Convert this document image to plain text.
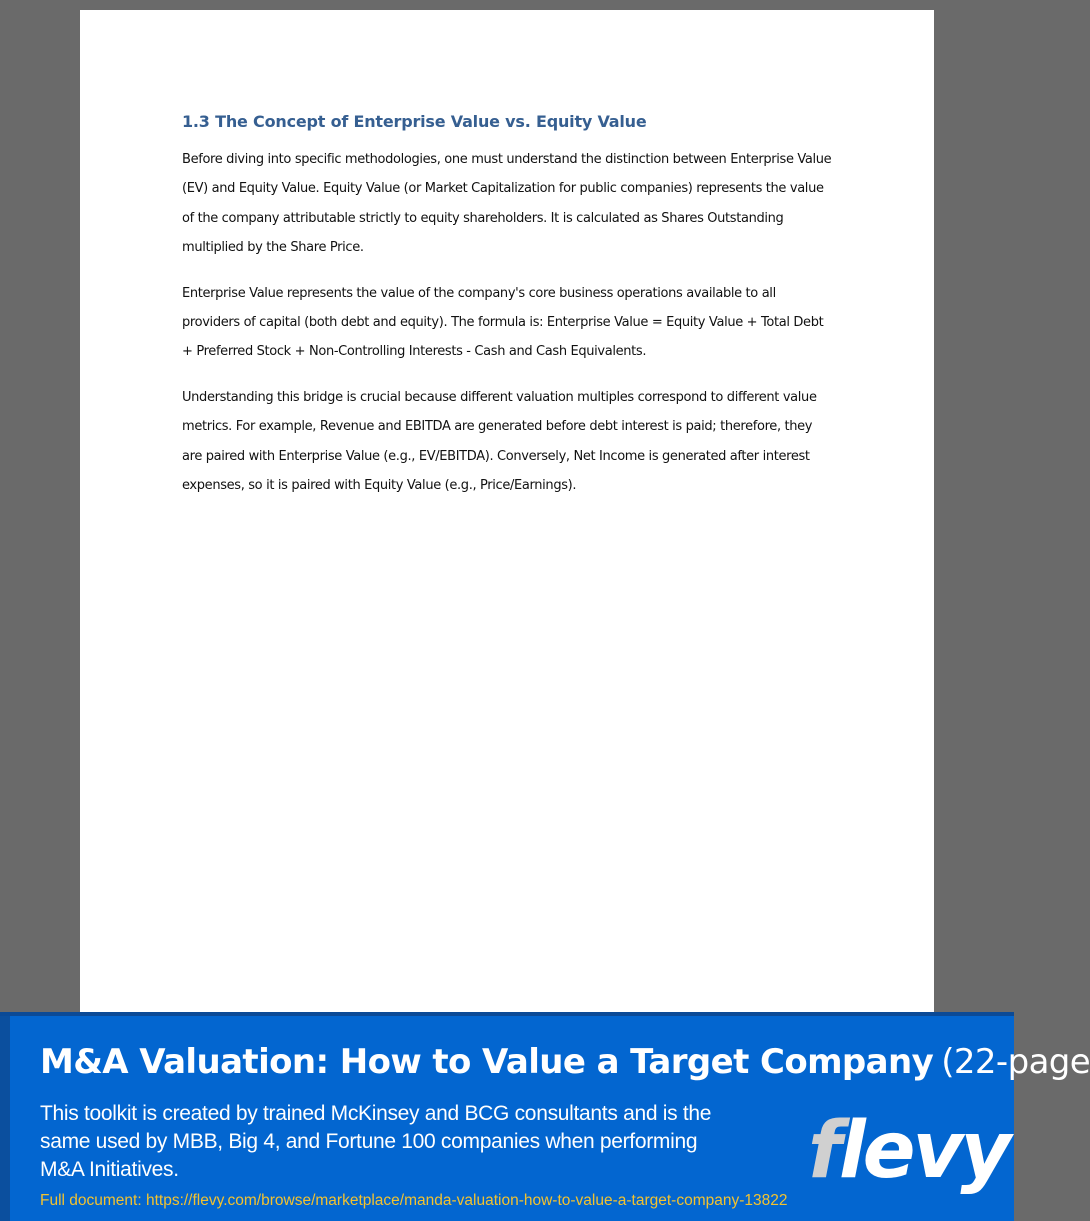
1.3 The Concept of Enterprise Value vs. Equity Value

Before diving into specific methodologies, one must understand the distinction between Enterprise Value (EV) and Equity Value. Equity Value (or Market Capitalization for public companies) represents the value of the company attributable strictly to equity shareholders. It is calculated as Shares Outstanding multiplied by the Share Price.

Enterprise Value represents the value of the company's core business operations available to all providers of capital (both debt and equity). The formula is: Enterprise Value = Equity Value + Total Debt + Preferred Stock + Non-Controlling Interests - Cash and Cash Equivalents.

Understanding this bridge is crucial because different valuation multiples correspond to different value metrics. For example, Revenue and EBITDA are generated before debt interest is paid; therefore, they are paired with Enterprise Value (e.g., EV/EBITDA). Conversely, Net Income is generated after interest expenses, so it is paired with Equity Value (e.g., Price/Earnings).

M&A Valuation: How to Value a Target Company (22-page
This toolkit is created by trained McKinsey and BCG consultants and is the same used by MBB, Big 4, and Fortune 100 companies when performing M&A Initiatives.
Full document: https://flevy.com/browse/marketplace/manda-valuation-how-to-value-a-target-company-13822
flevy
